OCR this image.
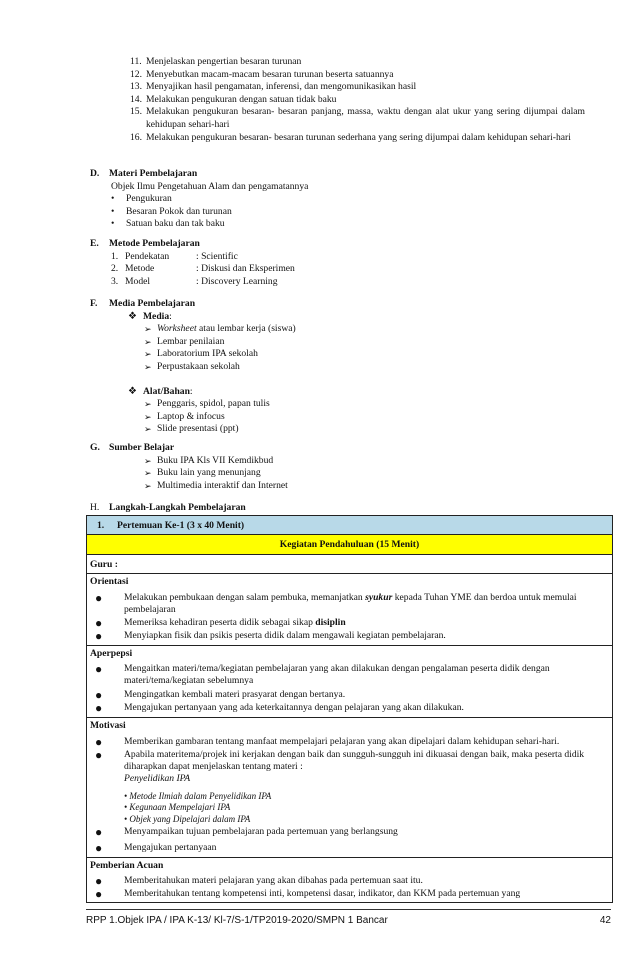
11. Menjelaskan pengertian besaran turunan
12. Menyebutkan macam-macam besaran turunan beserta satuannya
13. Menyajikan hasil pengamatan, inferensi, dan mengomunikasikan hasil
14. Melakukan pengukuran dengan satuan tidak baku
15. Melakukan pengukuran besaran- besaran panjang, massa, waktu dengan alat ukur yang sering dijumpai dalam kehidupan sehari-hari
16. Melakukan pengukuran besaran- besaran turunan sederhana yang sering dijumpai dalam kehidupan sehari-hari
D. Materi Pembelajaran
Objek Ilmu Pengetahuan Alam dan pengamatannya
•	Pengukuran
•	Besaran Pokok dan turunan
•	Satuan baku dan tak baku
E. Metode Pembelajaran
1. Pendekatan	: Scientific
2. Metode	: Diskusi dan Eksperimen
3. Model	: Discovery Learning
F. Media Pembelajaran
❖ Media :
➢ Worksheet atau lembar kerja (siswa)
➢ Lembar penilaian
➢ Laboratorium IPA sekolah
➢ Perpustakaan sekolah
❖ Alat/Bahan :
➢ Penggaris, spidol, papan tulis
➢ Laptop & infocus
➢ Slide presentasi (ppt)
G. Sumber Belajar
➢ Buku IPA Kls VII Kemdikbud
➢ Buku lain yang menunjang
➢ Multimedia interaktif dan Internet
H. Langkah-Langkah Pembelajaran
1.	Pertemuan Ke-1 (3 x 40 Menit)
Kegiatan Pendahuluan (15 Menit)
Guru :
Orientasi
●	Melakukan pembukaan dengan salam pembuka, memanjatkan syukur kepada Tuhan YME dan berdoa untuk memulai pembelajaran
●	Memeriksa kehadiran peserta didik sebagai sikap disiplin
●	Menyiapkan fisik dan psikis peserta didik dalam mengawali kegiatan pembelajaran.
Aperpepsi
●	Mengaitkan materi/tema/kegiatan pembelajaran yang akan dilakukan dengan pengalaman peserta didik dengan materi/tema/kegiatan sebelumnya
●	Mengingatkan kembali materi prasyarat dengan bertanya.
●	Mengajukan pertanyaan yang ada keterkaitannya dengan pelajaran yang akan dilakukan.
Motivasi
●	Memberikan gambaran tentang manfaat mempelajari pelajaran yang akan dipelajari dalam kehidupan sehari-hari.
●	Apabila materitema/projek ini kerjakan dengan baik dan sungguh-sungguh ini dikuasai dengan baik, maka peserta didik diharapkan dapat menjelaskan tentang materi :
Penyelidikan IPA
• Metode Ilmiah dalam Penyelidikan IPA
• Kegunaan Mempelajari IPA
• Objek yang Dipelajari dalam IPA
●	Menyampaikan tujuan pembelajaran pada pertemuan yang berlangsung
●	Mengajukan pertanyaan
Pemberian Acuan
●	Memberitahukan materi pelajaran yang akan dibahas pada pertemuan saat itu.
●	Memberitahukan tentang kompetensi inti, kompetensi dasar, indikator, dan KKM pada pertemuan yang
RPP 1.Objek IPA / IPA K-13/ Kl-7/S-1/TP2019-2020/SMPN 1 Bancar	42
